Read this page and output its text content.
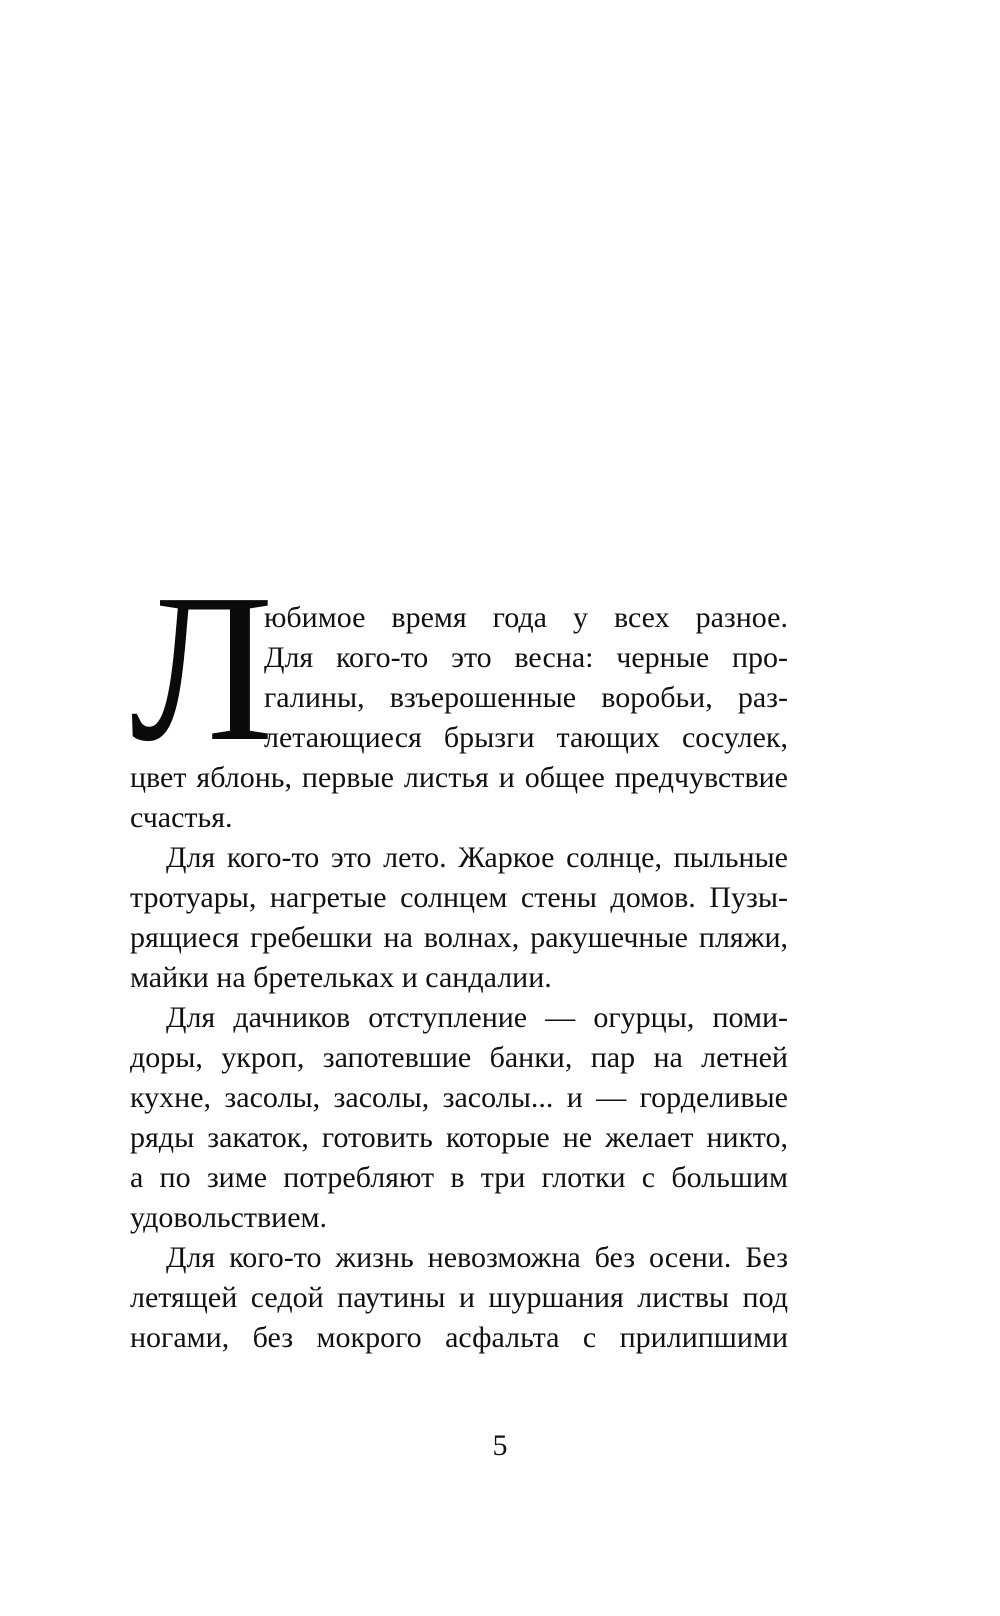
Л
юбимое время года у всех разное.
Для кого-то это весна: черные про-
галины, взъерошенные воробьи, раз-
летающиеся брызги тающих сосулек,
цвет яблонь, первые листья и общее предчувствие
счастья.
Для кого-то это лето. Жаркое солнце, пыльные
тротуары, нагретые солнцем стены домов. Пузы-
рящиеся гребешки на волнах, ракушечные пляжи,
майки на бретельках и сандалии.
Для дачников отступление — огурцы, поми-
доры, укроп, запотевшие банки, пар на летней
кухне, засолы, засолы, засолы... и — горделивые
ряды закаток, готовить которые не желает никто,
а по зиме потребляют в три глотки с большим
удовольствием.
Для кого-то жизнь невозможна без осени. Без
летящей седой паутины и шуршания листвы под
ногами, без мокрого асфальта с прилипшими
5
